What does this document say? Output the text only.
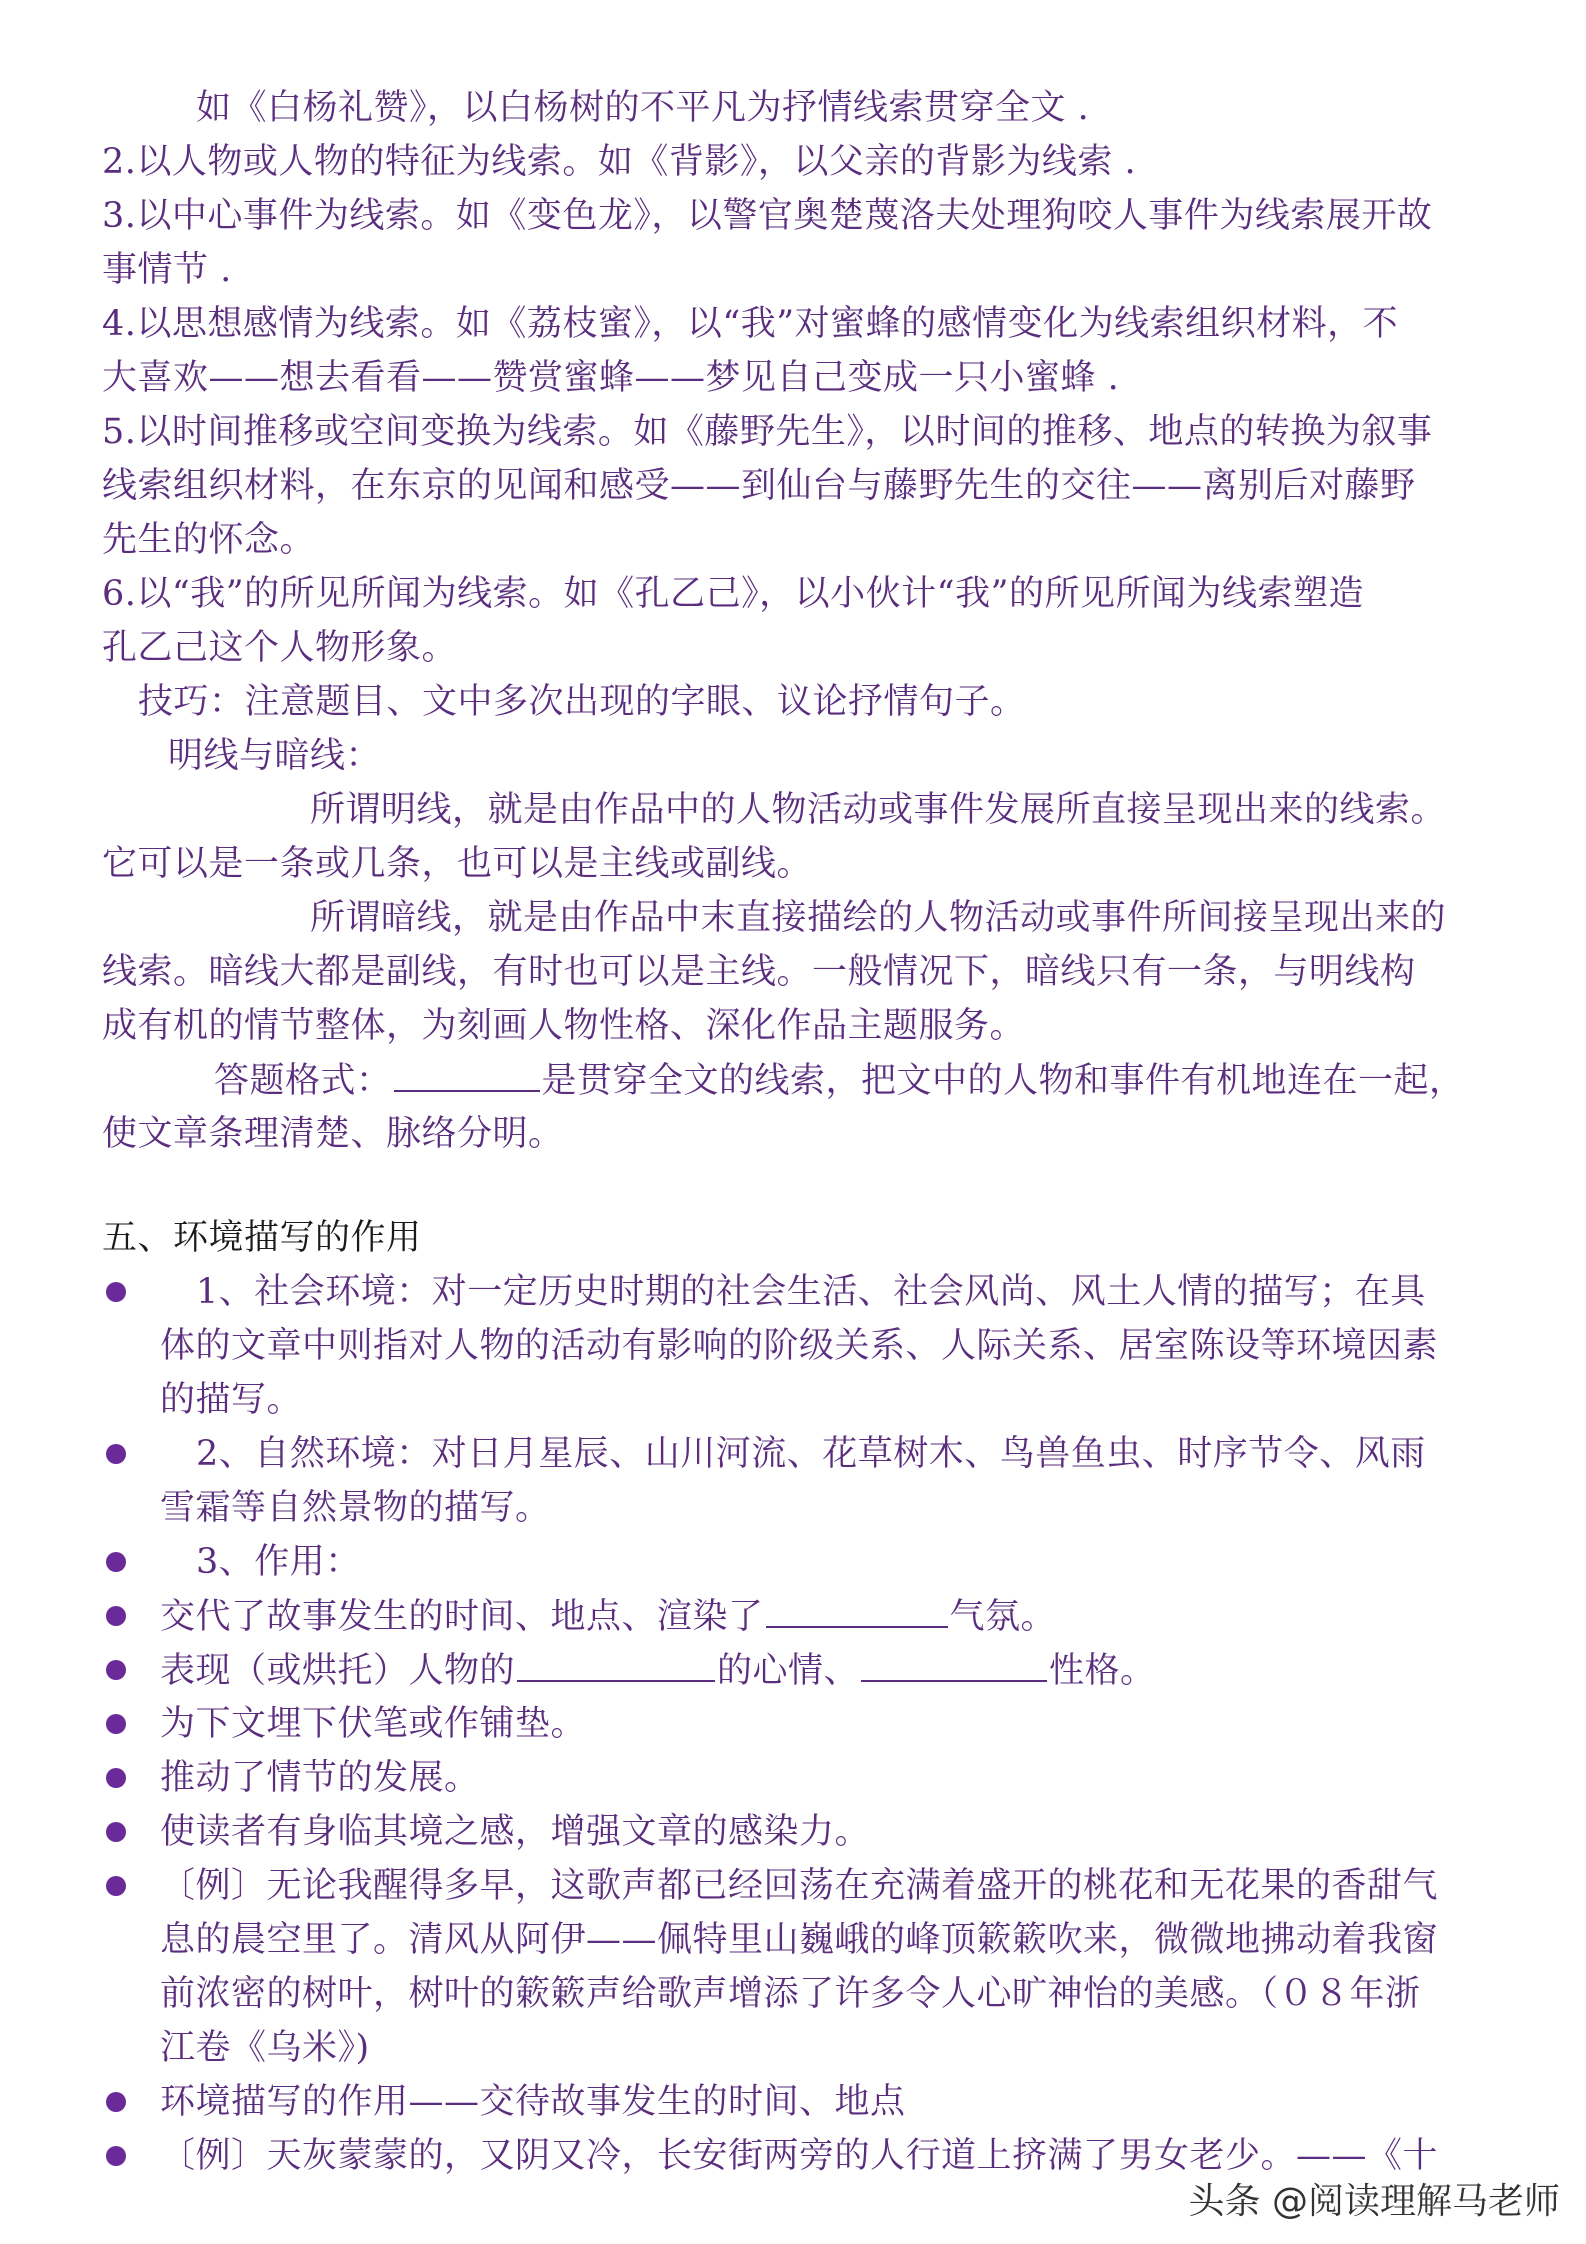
如《白杨礼赞》，以白杨树的不平凡为抒情线索贯穿全文 .
2.以人物或人物的特征为线索。如《背影》，以父亲的背影为线索 .
3.以中心事件为线索。如《变色龙》，以警官奥楚蔑洛夫处理狗咬人事件为线索展开故
事情节 .
4.以思想感情为线索。如《荔枝蜜》，以“我”对蜜蜂的感情变化为线索组织材料，不
大喜欢——想去看看——赞赏蜜蜂——梦见自己变成一只小蜜蜂 .
5.以时间推移或空间变换为线索。如《藤野先生》，以时间的推移、地点的转换为叙事
线索组织材料，在东京的见闻和感受——到仙台与藤野先生的交往——离别后对藤野
先生的怀念。
6.以“我”的所见所闻为线索。如《孔乙己》，以小伙计“我”的所见所闻为线索塑造
孔乙己这个人物形象。
技巧：注意题目、文中多次出现的字眼、议论抒情句子。
明线与暗线：
所谓明线，就是由作品中的人物活动或事件发展所直接呈现出来的线索。
它可以是一条或几条，也可以是主线或副线。
所谓暗线，就是由作品中末直接描绘的人物活动或事件所间接呈现出来的
线索。暗线大都是副线，有时也可以是主线。一般情况下，暗线只有一条，与明线构
成有机的情节整体，为刻画人物性格、深化作品主题服务。
答题格式：	是贯穿全文的线索，把文中的人物和事件有机地连在一起，
使文章条理清楚、脉络分明。
五、环境描写的作用
1、社会环境：对一定历史时期的社会生活、社会风尚、风土人情的描写；在具
体的文章中则指对人物的活动有影响的阶级关系、人际关系、居室陈设等环境因素
的描写。
2、自然环境：对日月星辰、山川河流、花草树木、鸟兽鱼虫、时序节令、风雨
雪霜等自然景物的描写。
3、作用：
交代了故事发生的时间、地点、渲染了	气氛。
表现（或烘托）人物的	的心情、	性格。
为下文埋下伏笔或作铺垫。
推动了情节的发展。
使读者有身临其境之感，增强文章的感染力。
〔例〕无论我醒得多早，这歌声都已经回荡在充满着盛开的桃花和无花果的香甜气
息的晨空里了。清风从阿伊——佩特里山巍峨的峰顶簌簌吹来，微微地拂动着我窗
前浓密的树叶，树叶的簌簌声给歌声增添了许多令人心旷神怡的美感。（０８年浙
江卷《乌米》)
环境描写的作用——交待故事发生的时间、地点
〔例〕天灰蒙蒙的，又阴又冷，长安街两旁的人行道上挤满了男女老少。——《十
头条 @阅读理解马老师
